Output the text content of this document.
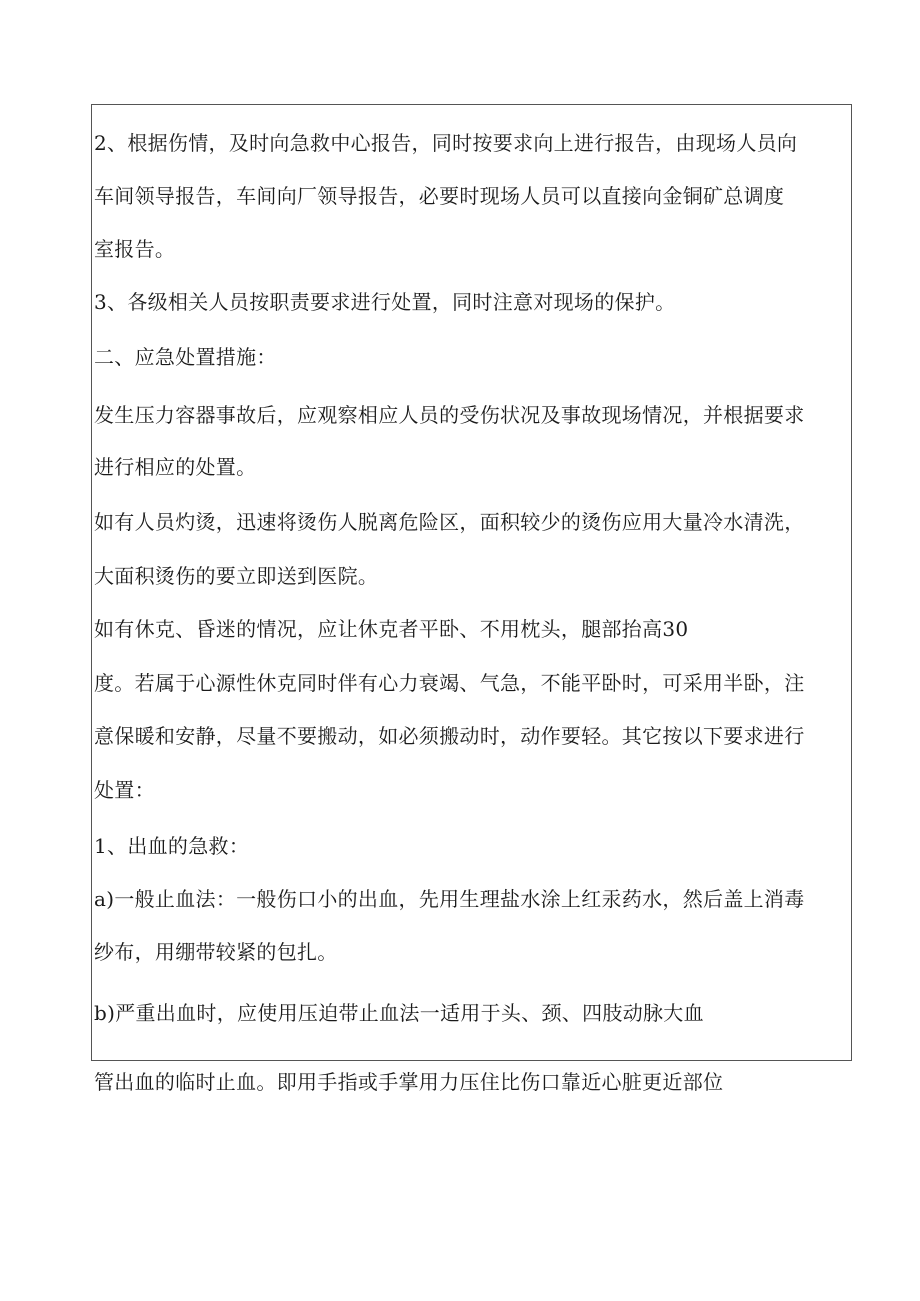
2、根据伤情，及时向急救中心报告，同时按要求向上进行报告，由现场人员向
车间领导报告，车间向厂领导报告，必要时现场人员可以直接向金铜矿总调度
室报告。
3、各级相关人员按职责要求进行处置，同时注意对现场的保护。
二、应急处置措施：
发生压力容器事故后，应观察相应人员的受伤状况及事故现场情况，并根据要求
进行相应的处置。
如有人员灼烫，迅速将烫伤人脱离危险区，面积较少的烫伤应用大量冷水清洗，
大面积烫伤的要立即送到医院。
如有休克、昏迷的情况，应让休克者平卧、不用枕头，腿部抬高30
度。若属于心源性休克同时伴有心力衰竭、气急，不能平卧时，可采用半卧，注
意保暖和安静，尽量不要搬动，如必须搬动时，动作要轻。其它按以下要求进行
处置：
1、出血的急救：
a)一般止血法：一般伤口小的出血，先用生理盐水涂上红汞药水，然后盖上消毒
纱布，用绷带较紧的包扎。
b)严重出血时，应使用压迫带止血法一适用于头、颈、四肢动脉大血
管出血的临时止血。即用手指或手掌用力压住比伤口靠近心脏更近部位
